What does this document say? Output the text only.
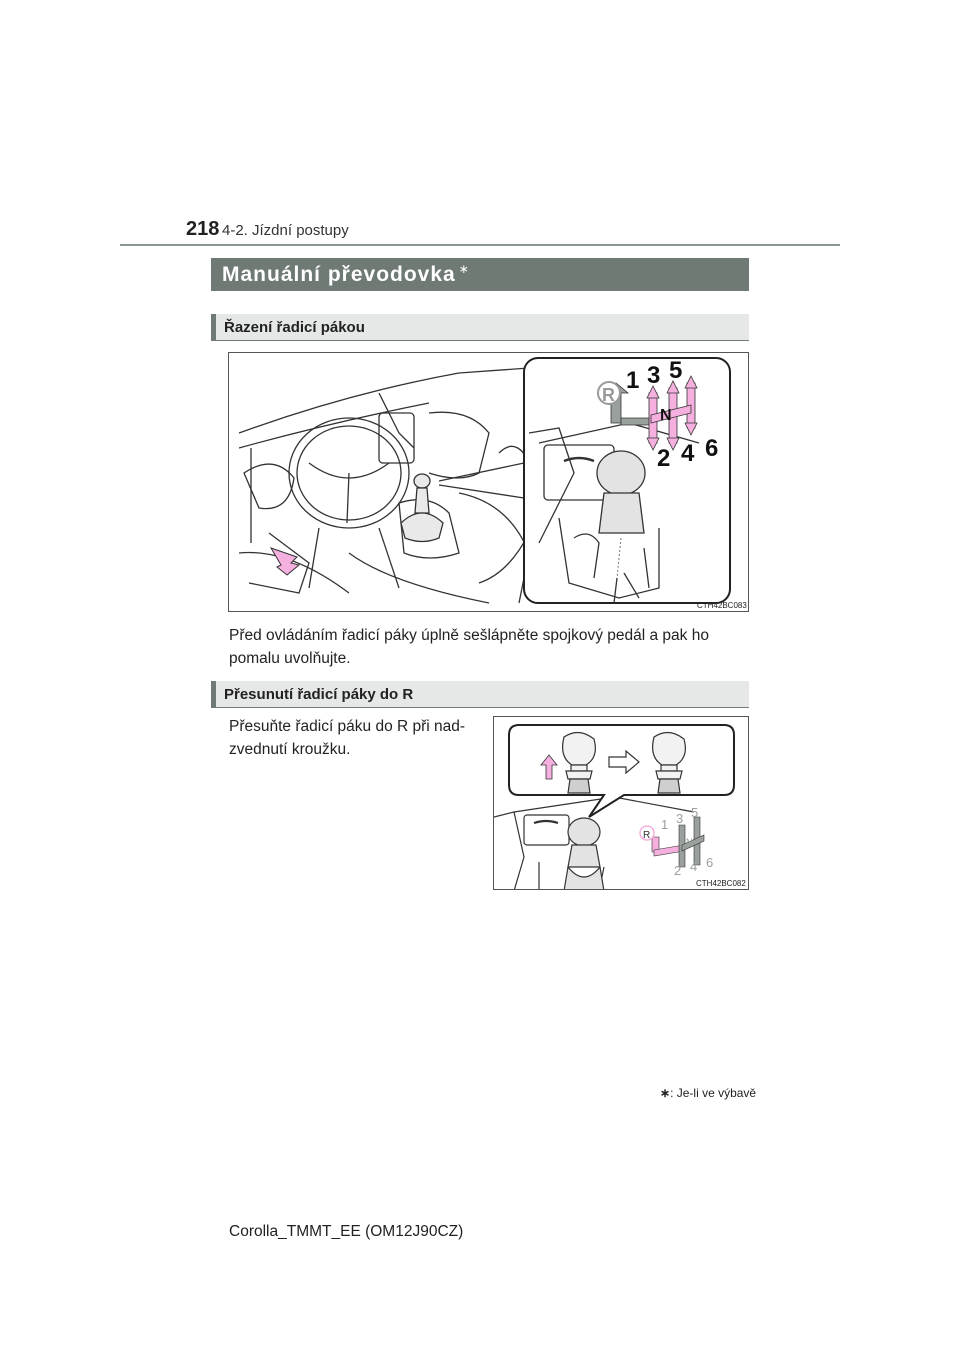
218 4-2. Jízdní postupy
Manuální převodovka ∗
Řazení řadicí pákou
R
1 3 5
N
2 4 6
CTH42BC083
Před ovládáním řadicí páky úplně sešlápněte spojkový pedál a pak ho
pomalu uvolňujte.
Přesunutí řadicí páky do R
Přesuňte řadicí páku do R při nad-
zvednutí kroužku.
R
1 3 5
N
2 4 6
CTH42BC082
∗: Je-li ve výbavě
Corolla_TMMT_EE (OM12J90CZ)
